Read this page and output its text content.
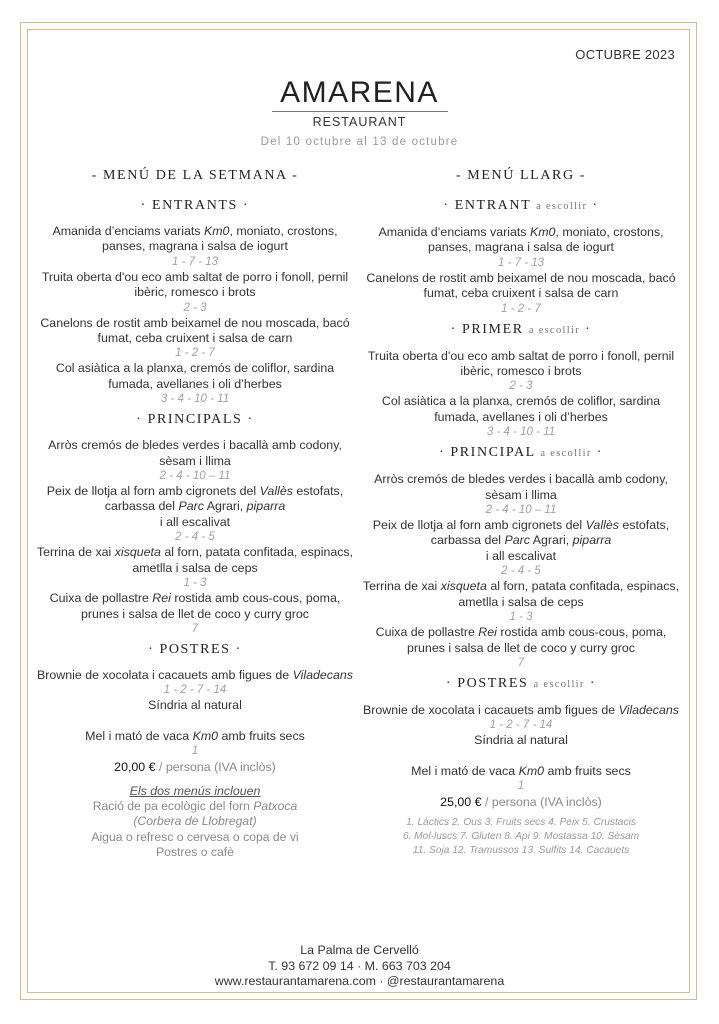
OCTUBRE 2023
AMARENA
RESTAURANT
Del 10 octubre al 13 de octubre
- MENÚ DE LA SETMANA -
· ENTRANTS ·
Amanida d’enciams variats Km0, moniato, crostons, panses, magrana i salsa de iogurt
1 - 7 - 13
Truita oberta d'ou eco amb saltat de porro i fonoll, pernil ibèric, romesco i brots
2 - 3
Canelons de rostit amb beixamel de nou moscada, bacó fumat, ceba cruixent i salsa de carn
1 - 2 - 7
Col asiàtica a la planxa, cremós de coliflor, sardina fumada, avellanes i oli d’herbes
3 - 4 - 10 - 11
· PRINCIPALS ·
Arròs cremós de bledes verdes i bacallà amb codony, sèsam i llima
2 - 4 - 10 – 11
Peix de llotja al forn amb cigronets del Vallès estofats, carbassa del Parc Agrari, piparra
i all escalivat
2 - 4 - 5
Terrina de xai xisqueta al forn, patata confitada, espinacs, ametlla i salsa de ceps
1 - 3
Cuixa de pollastre Rei rostida amb cous-cous, poma, prunes i salsa de llet de coco y curry groc
7
· POSTRES ·
Brownie de xocolata i cacauets amb figues de Viladecans
1 - 2 - 7 - 14
Síndria al natural
Mel i mató de vaca Km0 amb fruits secs
1
20,00 € / persona (IVA inclòs)
Els dos menús inclouen
Ració de pa ecològic del forn Patxoca
(Corbera de Llobregat)
Aigua o refresc o cervesa o copa de vi
Postres o cafè
- MENÚ LLARG -
· ENTRANT a escollir ·
Amanida d’enciams variats Km0, moniato, crostons, panses, magrana i salsa de iogurt
1 - 7 - 13
Canelons de rostit amb beixamel de nou moscada, bacó fumat, ceba cruixent i salsa de carn
1 - 2 - 7
· PRIMER a escollir ·
Truita oberta d'ou eco amb saltat de porro i fonoll, pernil ibèric, romesco i brots
2 - 3
Col asiàtica a la planxa, cremós de coliflor, sardina fumada, avellanes i oli d’herbes
3 - 4 - 10 - 11
· PRINCIPAL a escollir ·
Arròs cremós de bledes verdes i bacallà amb codony, sèsam i llima
2 - 4 - 10 – 11
Peix de llotja al forn amb cigronets del Vallès estofats, carbassa del Parc Agrari, piparra
i all escalivat
2 - 4 - 5
Terrina de xai xisqueta al forn, patata confitada, espinacs, ametlla i salsa de ceps
1 - 3
Cuixa de pollastre Rei rostida amb cous-cous, poma, prunes i salsa de llet de coco y curry groc
7
· POSTRES a escollir ·
Brownie de xocolata i cacauets amb figues de Viladecans
1 - 2 - 7 - 14
Síndria al natural
Mel i mató de vaca Km0 amb fruits secs
1
25,00 € / persona (IVA inclòs)
1. Làctics 2. Ous 3. Fruits secs 4. Peix 5. Crustacis
6. Mol·luscs 7. Gluten 8. Api 9. Mostassa 10. Sèsam
11. Soja 12. Tramussos 13. Sulfits 14. Cacauets
La Palma de Cervelló
T. 93 672 09 14 · M. 663 703 204
www.restaurantamarena.com · @restaurantamarena
